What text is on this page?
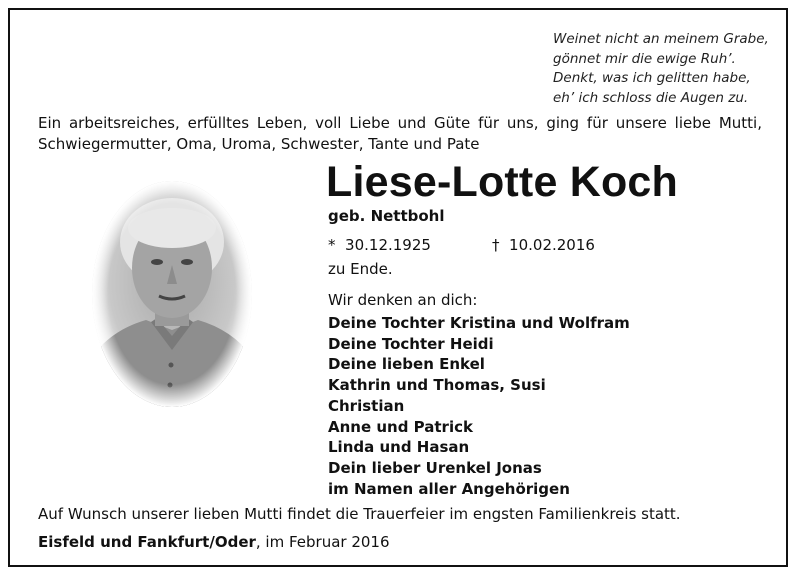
Weinet nicht an meinem Grabe,
gönnet mir die ewige Ruh’.
Denkt, was ich gelitten habe,
eh’ ich schloss die Augen zu.
Ein arbeitsreiches, erfülltes Leben, voll Liebe und Güte für uns, ging für unsere liebe Mutti, Schwiegermutter, Oma, Uroma, Schwester, Tante und Pate
Liese-Lotte Koch
geb. Nettbohl
* 30.12.1925	† 10.02.2016
zu Ende.
Wir denken an dich:
Deine Tochter Kristina und Wolfram
Deine Tochter Heidi
Deine lieben Enkel
Kathrin und Thomas, Susi
Christian
Anne und Patrick
Linda und Hasan
Dein lieber Urenkel Jonas
im Namen aller Angehörigen
Auf Wunsch unserer lieben Mutti findet die Trauerfeier im engsten Familienkreis statt.
Eisfeld und Fankfurt/Oder, im Februar 2016
